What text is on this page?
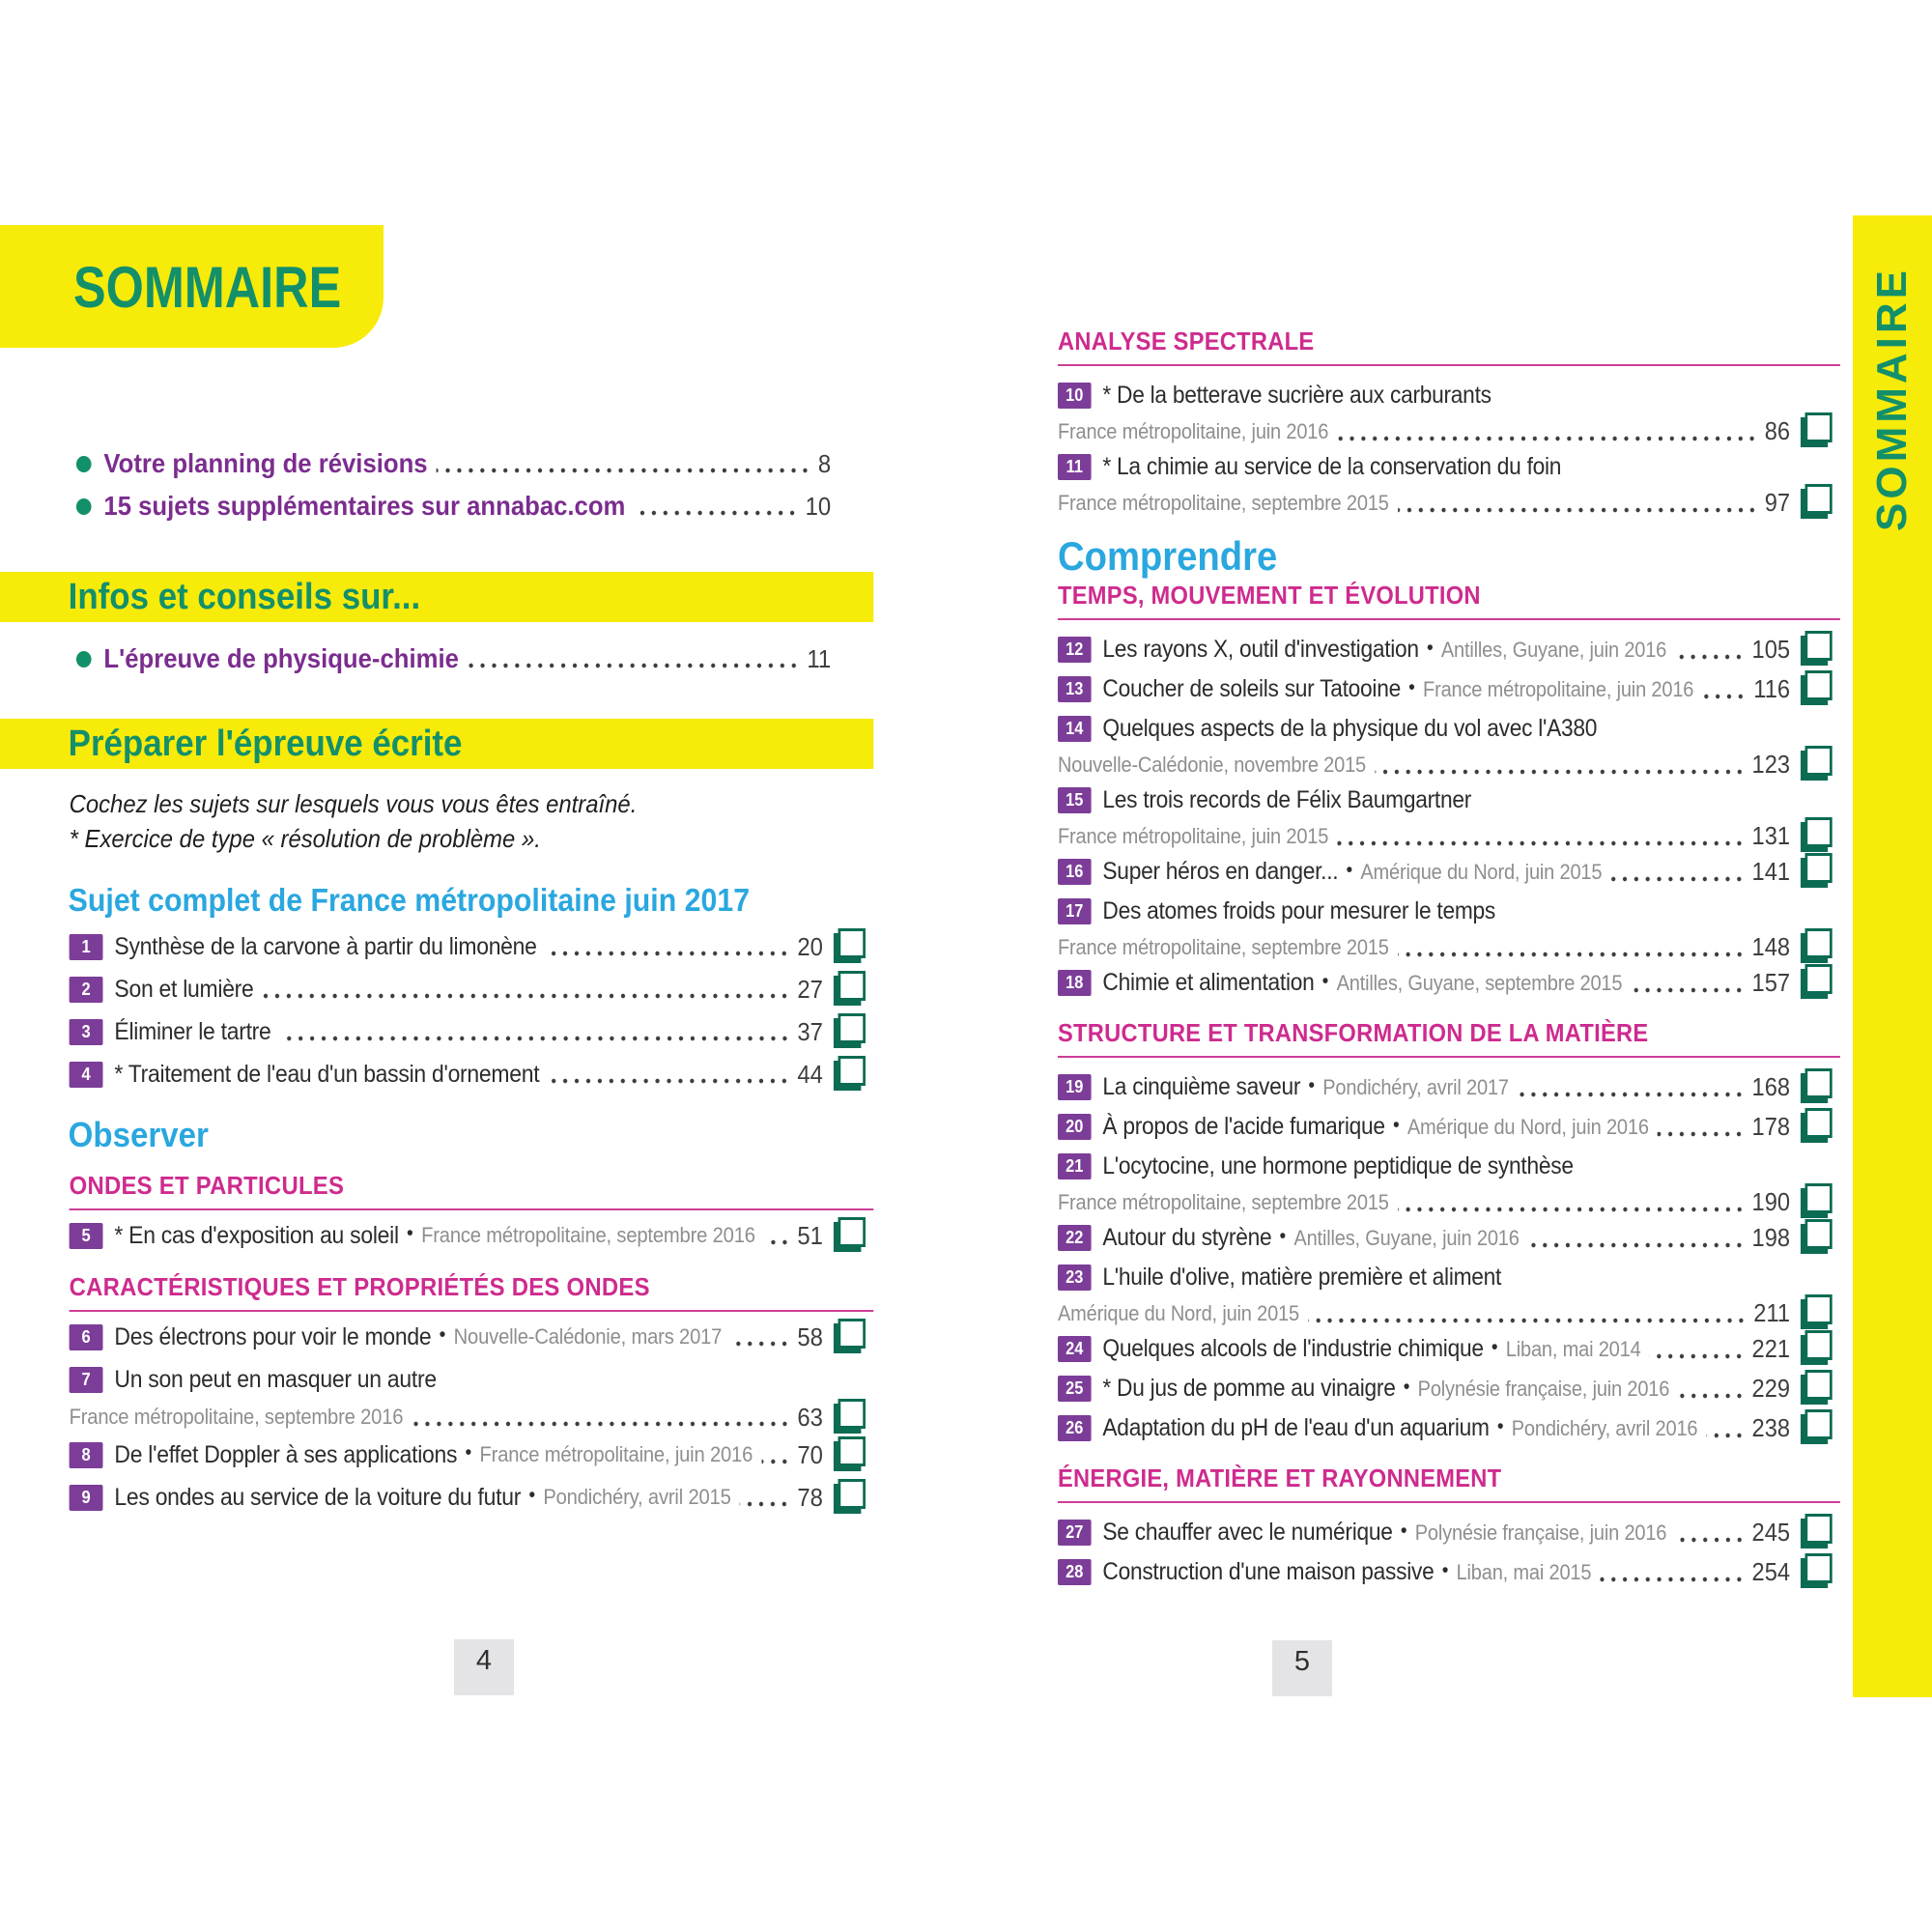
SOMMAIRE
Votre planning de révisions	8
15 sujets supplémentaires sur annabac.com	10
Infos et conseils sur...
L'épreuve de physique-chimie	11
Préparer l'épreuve écrite
Cochez les sujets sur lesquels vous vous êtes entraîné.
* Exercice de type « résolution de problème ».
Sujet complet de France métropolitaine juin 2017
1 Synthèse de la carvone à partir du limonène	20
2 Son et lumière	27
3 Éliminer le tartre	37
4 * Traitement de l'eau d'un bassin d'ornement	44
Observer
ONDES ET PARTICULES
5 * En cas d'exposition au soleil • France métropolitaine, septembre 2016 51
CARACTÉRISTIQUES ET PROPRIÉTÉS DES ONDES
6 Des électrons pour voir le monde • Nouvelle-Calédonie, mars 2017	58
7 Un son peut en masquer un autre
France métropolitaine, septembre 2016	63
8 De l'effet Doppler à ses applications • France métropolitaine, juin 2016 70
9 Les ondes au service de la voiture du futur • Pondichéry, avril 2015	78
ANALYSE SPECTRALE
10 * De la betterave sucrière aux carburants
France métropolitaine, juin 2016	86
11 * La chimie au service de la conservation du foin
France métropolitaine, septembre 2015	97
Comprendre
TEMPS, MOUVEMENT ET ÉVOLUTION
12 Les rayons X, outil d'investigation • Antilles, Guyane, juin 2016	105
13 Coucher de soleils sur Tatooine • France métropolitaine, juin 2016 116
14 Quelques aspects de la physique du vol avec l'A380
Nouvelle-Calédonie, novembre 2015	123
15 Les trois records de Félix Baumgartner
France métropolitaine, juin 2015	131
16 Super héros en danger... • Amérique du Nord, juin 2015	141
17 Des atomes froids pour mesurer le temps
France métropolitaine, septembre 2015	148
18 Chimie et alimentation • Antilles, Guyane, septembre 2015	157
STRUCTURE ET TRANSFORMATION DE LA MATIÈRE
19 La cinquième saveur • Pondichéry, avril 2017	168
20 À propos de l'acide fumarique • Amérique du Nord, juin 2016	178
21 L'ocytocine, une hormone peptidique de synthèse
France métropolitaine, septembre 2015	190
22 Autour du styrène • Antilles, Guyane, juin 2016	198
23 L'huile d'olive, matière première et aliment
Amérique du Nord, juin 2015	211
24 Quelques alcools de l'industrie chimique • Liban, mai 2014	221
25 * Du jus de pomme au vinaigre • Polynésie française, juin 2016	229
26 Adaptation du pH de l'eau d'un aquarium • Pondichéry, avril 2016 238
ÉNERGIE, MATIÈRE ET RAYONNEMENT
27 Se chauffer avec le numérique • Polynésie française, juin 2016	245
28 Construction d'une maison passive • Liban, mai 2015	254
4	5
SOMMAIRE
